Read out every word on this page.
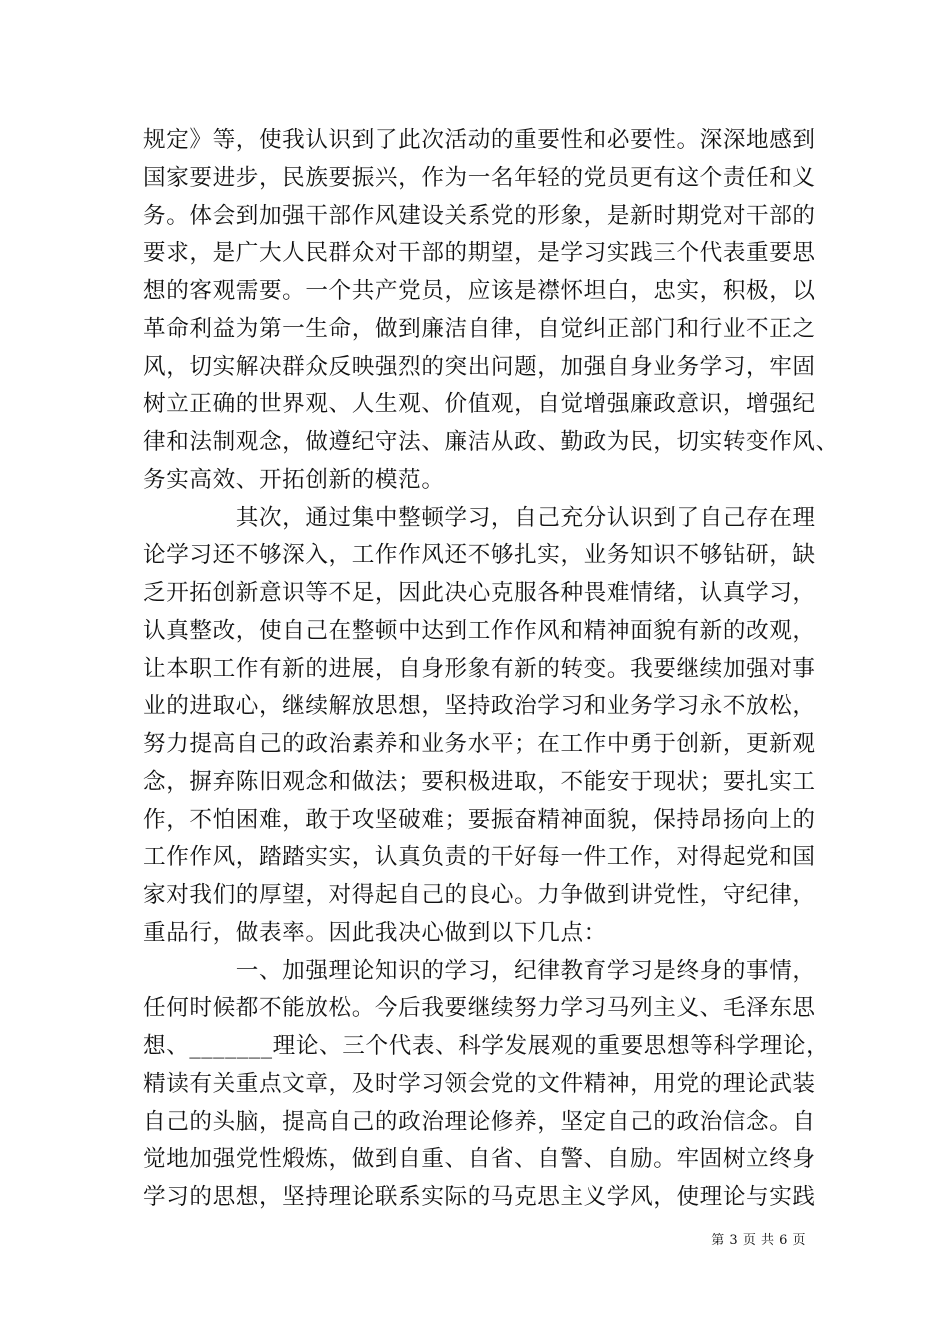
规定》等，使我认识到了此次活动的重要性和必要性。深深地感到
国家要进步，民族要振兴，作为一名年轻的党员更有这个责任和义
务。体会到加强干部作风建设关系党的形象，是新时期党对干部的
要求，是广大人民群众对干部的期望，是学习实践三个代表重要思
想的客观需要。一个共产党员，应该是襟怀坦白，忠实，积极，以
革命利益为第一生命，做到廉洁自律，自觉纠正部门和行业不正之
风，切实解决群众反映强烈的突出问题，加强自身业务学习，牢固
树立正确的世界观、人生观、价值观，自觉增强廉政意识，增强纪
律和法制观念，做遵纪守法、廉洁从政、勤政为民，切实转变作风、
务实高效、开拓创新的模范。
　　　　其次，通过集中整顿学习，自己充分认识到了自己存在理
论学习还不够深入，工作作风还不够扎实，业务知识不够钻研，缺
乏开拓创新意识等不足，因此决心克服各种畏难情绪，认真学习，
认真整改，使自己在整顿中达到工作作风和精神面貌有新的改观，
让本职工作有新的进展，自身形象有新的转变。我要继续加强对事
业的进取心，继续解放思想，坚持政治学习和业务学习永不放松，
努力提高自己的政治素养和业务水平；在工作中勇于创新，更新观
念，摒弃陈旧观念和做法；要积极进取，不能安于现状；要扎实工
作，不怕困难，敢于攻坚破难；要振奋精神面貌，保持昂扬向上的
工作作风，踏踏实实，认真负责的干好每一件工作，对得起党和国
家对我们的厚望，对得起自己的良心。力争做到讲党性，守纪律，
重品行，做表率。因此我决心做到以下几点：
　　　　一、加强理论知识的学习，纪律教育学习是终身的事情，
任何时候都不能放松。今后我要继续努力学习马列主义、毛泽东思
想、_______理论、三个代表、科学发展观的重要思想等科学理论，
精读有关重点文章，及时学习领会党的文件精神，用党的理论武装
自己的头脑，提高自己的政治理论修养，坚定自己的政治信念。自
觉地加强党性煅炼，做到自重、自省、自警、自励。牢固树立终身
学习的思想，坚持理论联系实际的马克思主义学风，使理论与实践
第 3 页 共 6 页
